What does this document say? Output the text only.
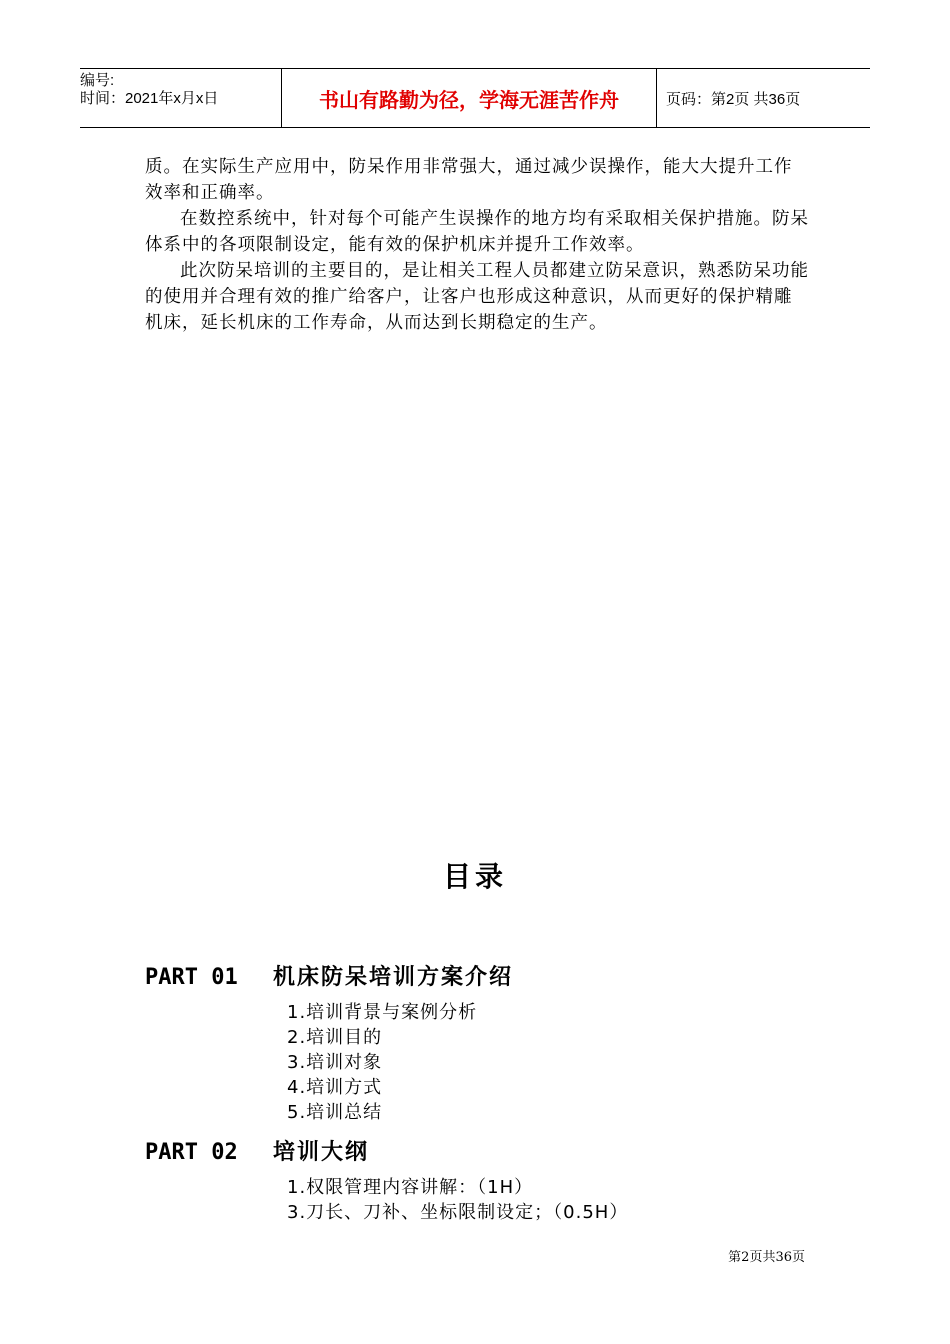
编号:
时间：2021年x月x日	书山有路勤为径，学海无涯苦作舟	页码：第2页 共36页

质。在实际生产应用中，防呆作用非常强大，通过减少误操作，能大大提升工作效率和正确率。

在数控系统中，针对每个可能产生误操作的地方均有采取相关保护措施。防呆体系中的各项限制设定，能有效的保护机床并提升工作效率。

此次防呆培训的主要目的，是让相关工程人员都建立防呆意识，熟悉防呆功能的使用并合理有效的推广给客户，让客户也形成这种意识，从而更好的保护精雕机床，延长机床的工作寿命，从而达到长期稳定的生产。

目录
PART 01 机床防呆培训方案介绍
1.培训背景与案例分析
2.培训目的
3.培训对象
4.培训方式
5.培训总结
PART 02 培训大纲
1.权限管理内容讲解：（1H）
3.刀长、刀补、坐标限制设定；（0.5H）
第2页共36页
